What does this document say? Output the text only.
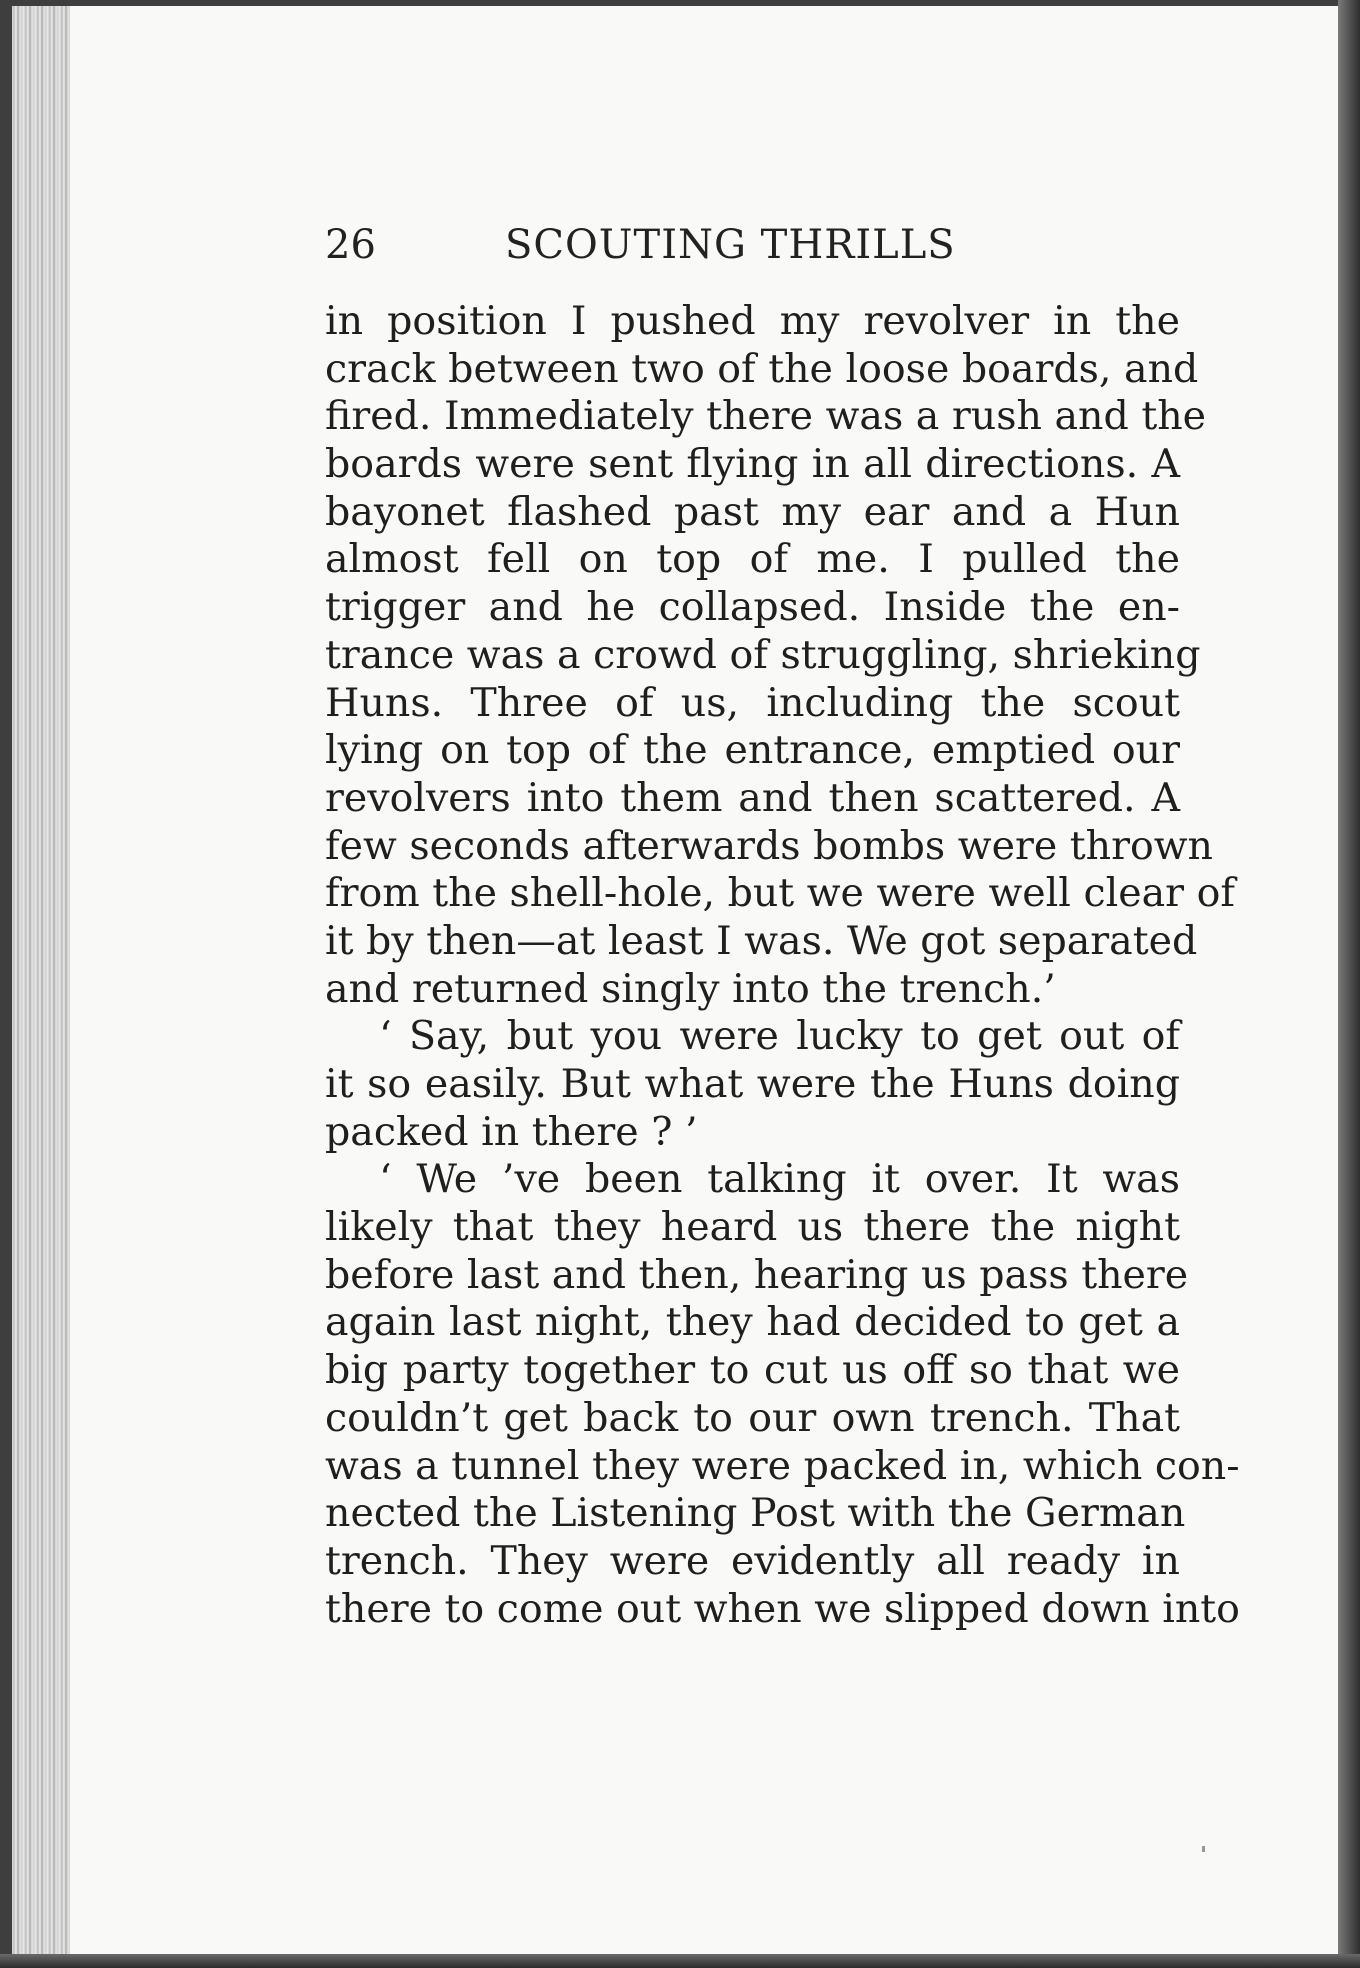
26	SCOUTING THRILLS
in position I pushed my revolver in the
crack between two of the loose boards, and
fired. Immediately there was a rush and the
boards were sent flying in all directions. A
bayonet flashed past my ear and a Hun
almost fell on top of me. I pulled the
trigger and he collapsed. Inside the en-
trance was a crowd of struggling, shrieking
Huns. Three of us, including the scout
lying on top of the entrance, emptied our
revolvers into them and then scattered. A
few seconds afterwards bombs were thrown
from the shell-hole, but we were well clear of
it by then—at least I was. We got separated
and returned singly into the trench.’
‘ Say, but you were lucky to get out of
it so easily. But what were the Huns doing
packed in there ? ’
‘ We ’ve been talking it over. It was
likely that they heard us there the night
before last and then, hearing us pass there
again last night, they had decided to get a
big party together to cut us off so that we
couldn’t get back to our own trench. That
was a tunnel they were packed in, which con-
nected the Listening Post with the German
trench. They were evidently all ready in
there to come out when we slipped down into
